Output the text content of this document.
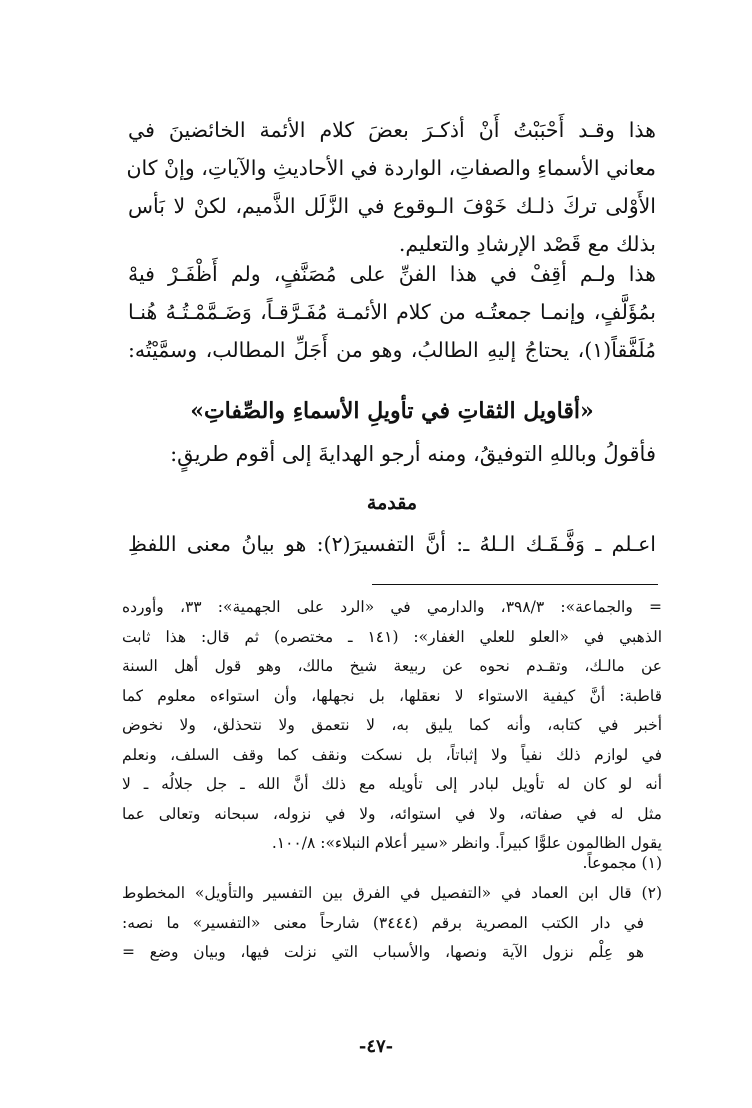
هذا وقـد أَحْبَبْتُ أَنْ أذكـرَ بعضَ كلام الأئمة الخائضينَ في
معاني الأسماءِ والصفاتِ، الواردة في الأحاديثِ والآياتِ، وإنْ كان
الأَوْلى تركَ ذلـك خَوْفَ الـوقوع في الزَّلَل الذَّميم، لكنْ لا بَأس
بذلك مع قَصْد الإرشادِ والتعليم.
هذا ولـم أقِفْ في هذا الفنِّ على مُصَنَّفٍ، ولم أَظْفَـرْ فيهْ
بمُؤَلَّفٍ، وإنمـا جمعتُـه من كلام الأئمـة مُفَـرَّقـاً، وَضَـمَّمْـتُـهُ هُنـا
مُلَفَّقاً(١)، يحتاجُ إليهِ الطالبُ، وهو من أَجَلِّ المطالب، وسمَّيْتُه:
«أقاويل الثقاتِ في تأويلِ الأسماءِ والصِّفاتِ»
فأقولُ وباللهِ التوفيقُ، ومنه أرجو الهدايةَ إلى أقوم طريقٍ:
مقدمة
اعـلم ـ وَفَّـقَـك الـلهُ ـ: أنَّ التفسيرَ(٢): هو بيانُ معنى اللفظِ
= والجماعة»: ٣٩٨/٣، والدارمي في «الرد على الجهمية»: ٣٣، وأورده
الذهبي في «العلو للعلي الغفار»: (١٤١ ـ مختصره) ثم قال: هذا ثابت
عن مالـك، وتقـدم نحوه عن ربيعة شيخ مالك، وهو قول أهل السنة
قاطبة: أنَّ كيفية الاستواء لا نعقلها، بل نجهلها، وأن استواءه معلوم كما
أخبر في كتابه، وأنه كما يليق به، لا نتعمق ولا نتحذلق، ولا نخوض
في لوازم ذلك نفياً ولا إثباتاً، بل نسكت ونقف كما وقف السلف، ونعلم
أنه لو كان له تأويل لبادر إلى تأويله مع ذلك أنَّ الله ـ جل جلالُه ـ لا
مثل له في صفاته، ولا في استوائه، ولا في نزوله، سبحانه وتعالى عما
يقول الظالمون علوًّا كبيراً. وانظر «سير أعلام النبلاء»: ١٠٠/٨.
(١) مجموعاً.
(٢) قال ابن العماد في «التفصيل في الفرق بين التفسير والتأويل» المخطوط
في دار الكتب المصرية برقم (٣٤٤٤) شارحاً معنى «التفسير» ما نصه:
هو عِلْم نزول الآية ونصها، والأسباب التي نزلت فيها، وبيان وضع =
-٤٧-
